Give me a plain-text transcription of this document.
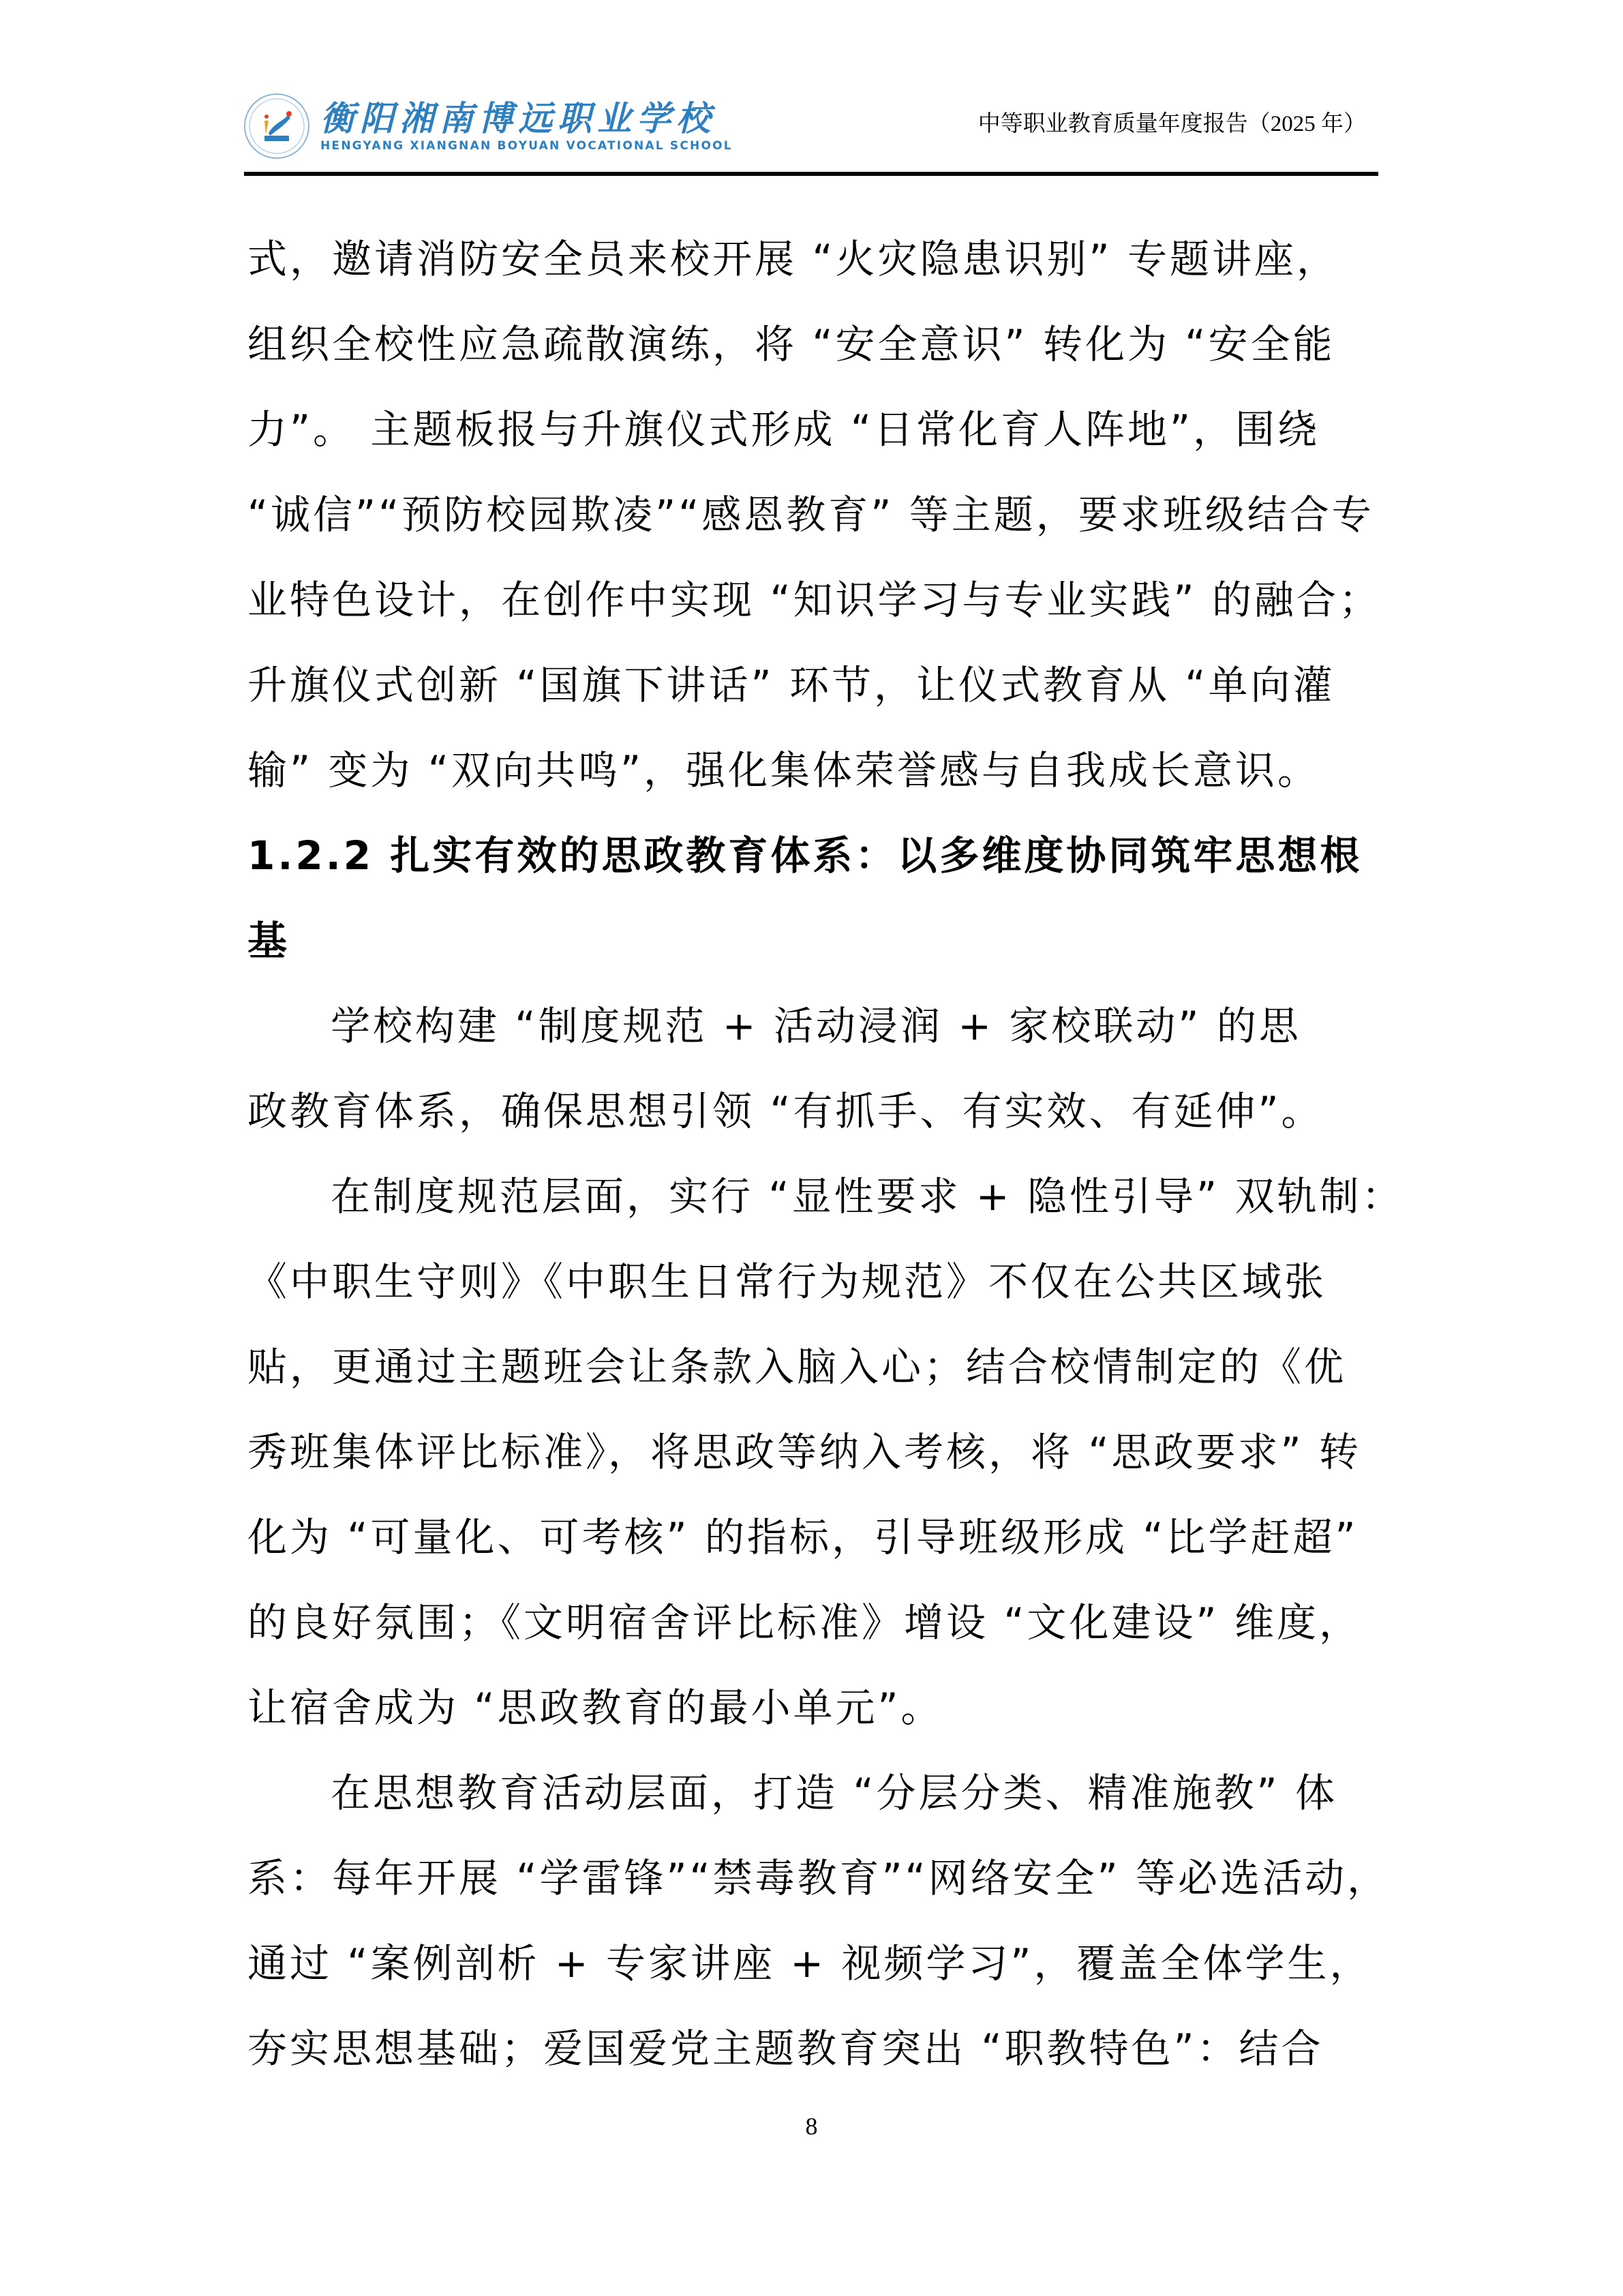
衡阳湘南博远职业学校
HENGYANG XIANGNAN BOYUAN VOCATIONAL SCHOOL
中等职业教育质量年度报告（2025 年）
式，邀请消防安全员来校开展 “火灾隐患识别” 专题讲座，
组织全校性应急疏散演练，将 “安全意识” 转化为 “安全能
力”。 主题板报与升旗仪式形成 “日常化育人阵地”，围绕
“诚信”“预防校园欺凌”“感恩教育” 等主题，要求班级结合专
业特色设计，在创作中实现 “知识学习与专业实践” 的融合；
升旗仪式创新 “国旗下讲话” 环节，让仪式教育从 “单向灌
输” 变为 “双向共鸣”，强化集体荣誉感与自我成长意识。
1.2.2 扎实有效的思政教育体系：以多维度协同筑牢思想根
基
学校构建 “制度规范 + 活动浸润 + 家校联动” 的思
政教育体系，确保思想引领 “有抓手、有实效、有延伸”。
在制度规范层面，实行 “显性要求 + 隐性引导” 双轨制：
《中职生守则》《中职生日常行为规范》不仅在公共区域张
贴，更通过主题班会让条款入脑入心；结合校情制定的《优
秀班集体评比标准》，将思政等纳入考核，将 “思政要求” 转
化为 “可量化、可考核” 的指标，引导班级形成 “比学赶超”
的良好氛围；《文明宿舍评比标准》增设 “文化建设” 维度，
让宿舍成为 “思政教育的最小单元”。
在思想教育活动层面，打造 “分层分类、精准施教” 体
系：每年开展 “学雷锋”“禁毒教育”“网络安全” 等必选活动，
通过 “案例剖析 + 专家讲座 + 视频学习”，覆盖全体学生，
夯实思想基础；爱国爱党主题教育突出 “职教特色”：结合
8
